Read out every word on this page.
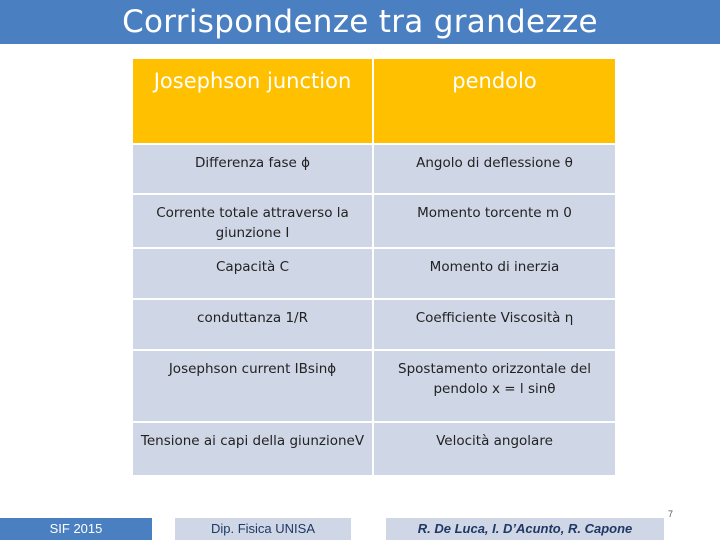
Corrispondenze tra grandezze
Josephson junction	pendolo
Differenza fase ϕ	Angolo di deflessione θ
Corrente totale attraverso la giunzione I	Momento torcente m 0
Capacità C	Momento di inerzia
conduttanza 1/R	Coefficiente Viscosità η
Josephson current IBsinϕ	Spostamento orizzontale del pendolo x = l sinθ
Tensione ai capi della giunzioneV	Velocità angolare
7
SIF 2015	Dip. Fisica UNISA	R. De Luca, I. D’Acunto, R. Capone
